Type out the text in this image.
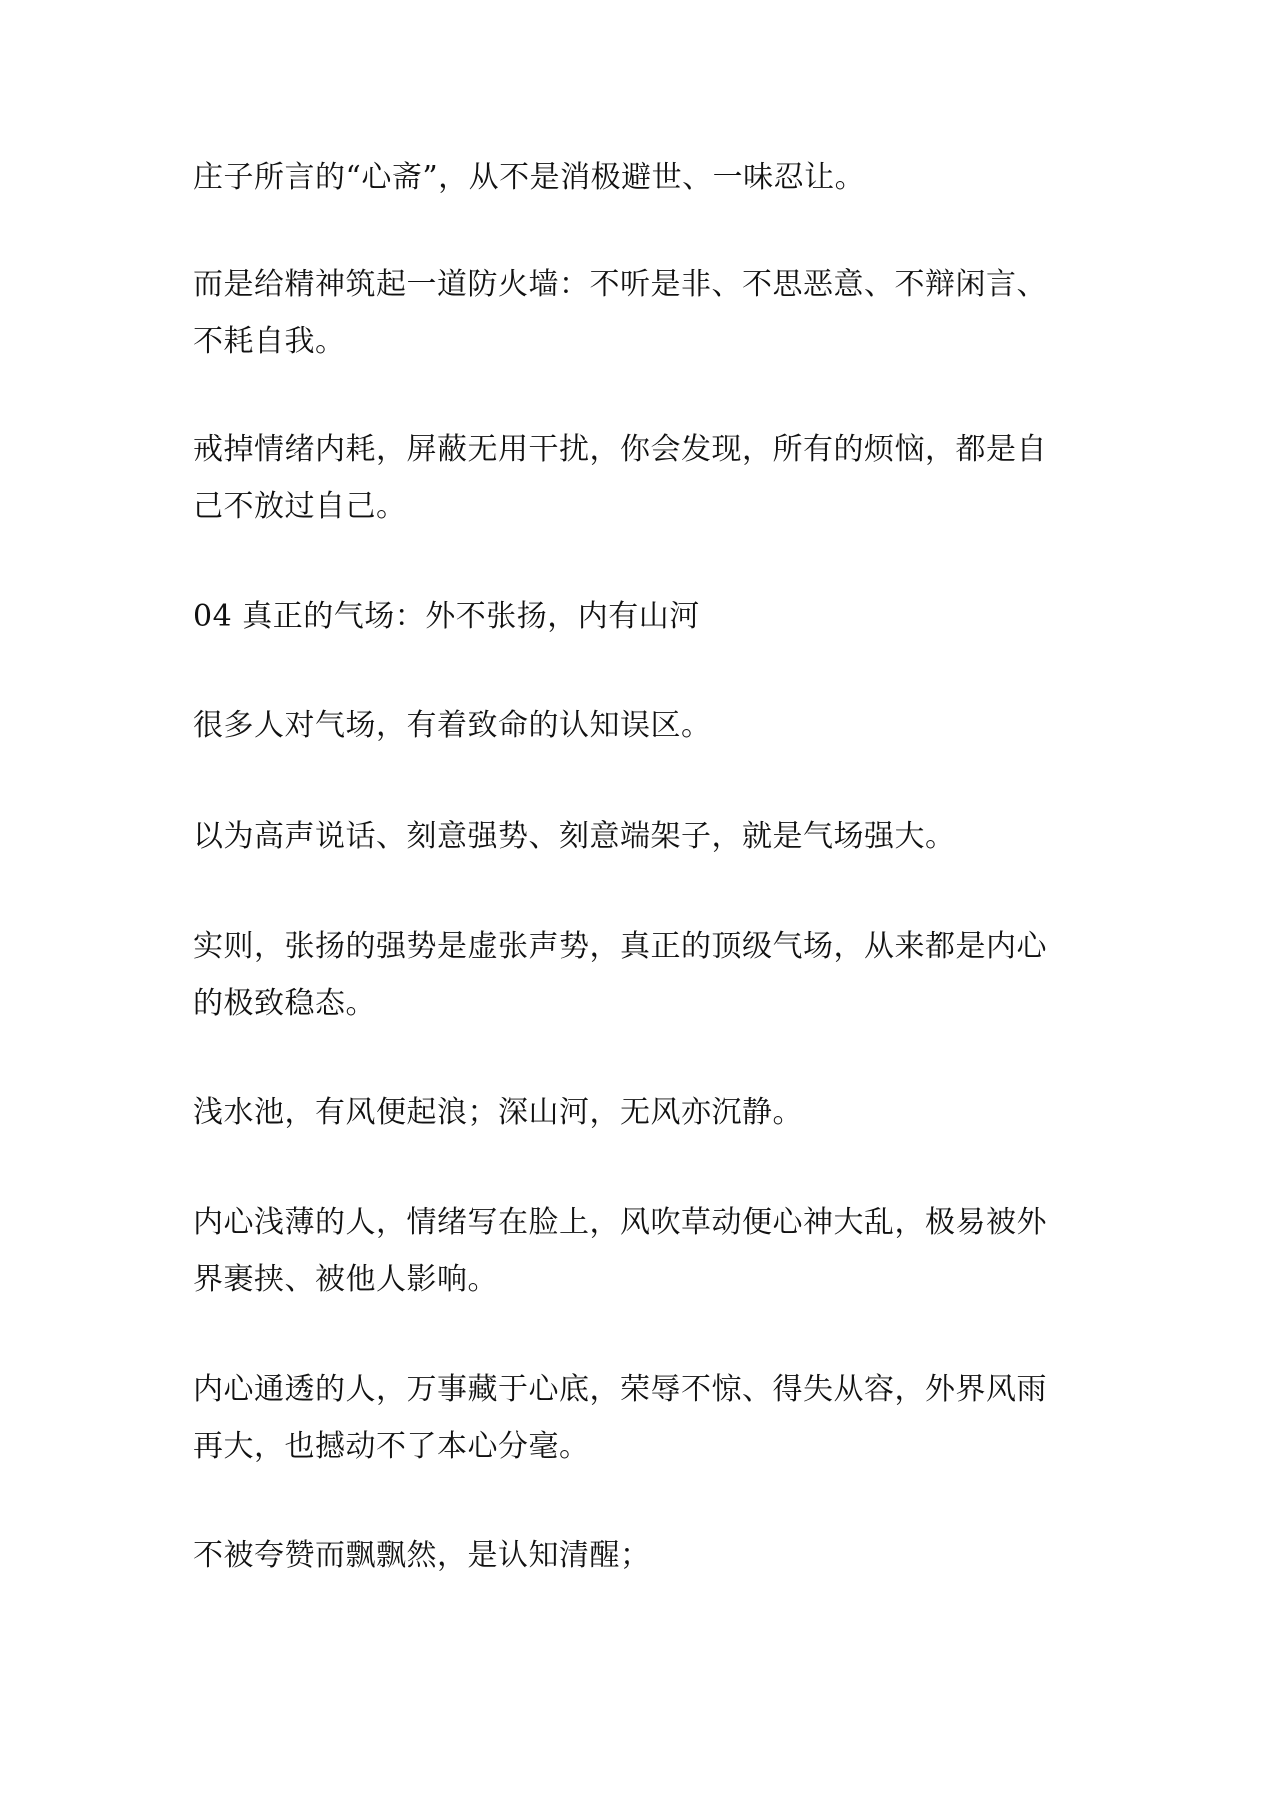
庄子所言的“心斋”，从不是消极避世、一味忍让。
而是给精神筑起一道防火墙：不听是非、不思恶意、不辩闲言、
不耗自我。
戒掉情绪内耗，屏蔽无用干扰，你会发现，所有的烦恼，都是自
己不放过自己。
04 真正的气场：外不张扬，内有山河
很多人对气场，有着致命的认知误区。
以为高声说话、刻意强势、刻意端架子，就是气场强大。
实则，张扬的强势是虚张声势，真正的顶级气场，从来都是内心
的极致稳态。
浅水池，有风便起浪；深山河，无风亦沉静。
内心浅薄的人，情绪写在脸上，风吹草动便心神大乱，极易被外
界裹挟、被他人影响。
内心通透的人，万事藏于心底，荣辱不惊、得失从容，外界风雨
再大，也撼动不了本心分毫。
不被夸赞而飘飘然，是认知清醒；
